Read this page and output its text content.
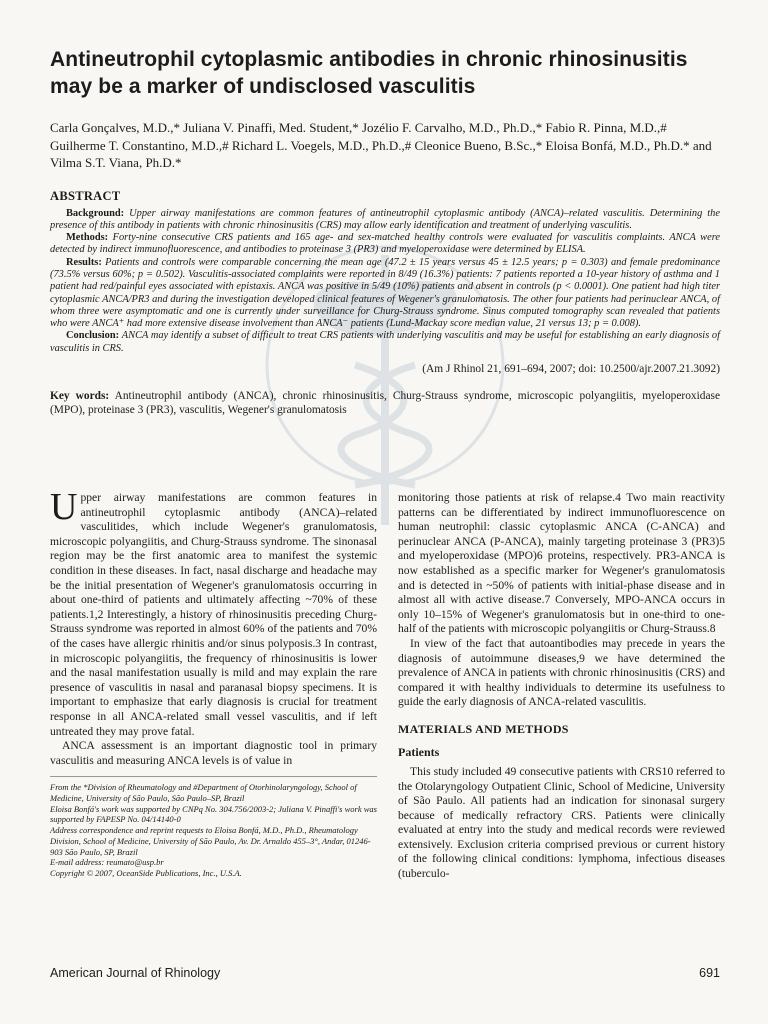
Antineutrophil cytoplasmic antibodies in chronic rhinosinusitis may be a marker of undisclosed vasculitis
Carla Gonçalves, M.D.,* Juliana V. Pinaffi, Med. Student,* Jozélio F. Carvalho, M.D., Ph.D.,* Fabio R. Pinna, M.D.,# Guilherme T. Constantino, M.D.,# Richard L. Voegels, M.D., Ph.D.,# Cleonice Bueno, B.Sc.,* Eloisa Bonfá, M.D., Ph.D.* and Vilma S.T. Viana, Ph.D.*
ABSTRACT

Background: Upper airway manifestations are common features of antineutrophil cytoplasmic antibody (ANCA)–related vasculitis. Determining the presence of this antibody in patients with chronic rhinosinusitis (CRS) may allow early identification and treatment of underlying vasculitis.

Methods: Forty-nine consecutive CRS patients and 165 age- and sex-matched healthy controls were evaluated for vasculitis complaints. ANCA were detected by indirect immunofluorescence, and antibodies to proteinase 3 (PR3) and myeloperoxidase were determined by ELISA.

Results: Patients and controls were comparable concerning the mean age (47.2 ± 15 years versus 45 ± 12.5 years; p = 0.303) and female predominance (73.5% versus 60%; p = 0.502). Vasculitis-associated complaints were reported in 8/49 (16.3%) patients: 7 patients reported a 10-year history of asthma and 1 patient had red/painful eyes associated with epistaxis. ANCA was positive in 5/49 (10%) patients and absent in controls (p < 0.0001). One patient had high titer cytoplasmic ANCA/PR3 and during the investigation developed clinical features of Wegener's granulomatosis. The other four patients had perinuclear ANCA, of whom three were asymptomatic and one is currently under surveillance for Churg-Strauss syndrome. Sinus computed tomography scan revealed that patients who were ANCA⁺ had more extensive disease involvement than ANCA⁻ patients (Lund-Mackay score median value, 21 versus 13; p = 0.008).

Conclusion: ANCA may identify a subset of difficult to treat CRS patients with underlying vasculitis and may be useful for establishing an early diagnosis of vasculitis in CRS.

(Am J Rhinol 21, 691–694, 2007; doi: 10.2500/ajr.2007.21.3092)
Key words: Antineutrophil antibody (ANCA), chronic rhinosinusitis, Churg-Strauss syndrome, microscopic polyangiitis, myeloperoxidase (MPO), proteinase 3 (PR3), vasculitis, Wegener's granulomatosis

Upper airway manifestations are common features in antineutrophil cytoplasmic antibody (ANCA)–related vasculitides, which include Wegener's granulomatosis, microscopic polyangiitis, and Churg-Strauss syndrome. The sinonasal region may be the first anatomic area to manifest the systemic condition in these diseases. In fact, nasal discharge and headache may be the initial presentation of Wegener's granulomatosis occurring in about one-third of patients and ultimately affecting ~70% of these patients.1,2 Interestingly, a history of rhinosinusitis preceding Churg-Strauss syndrome was reported in almost 60% of the patients and 70% of the cases have allergic rhinitis and/or sinus polyposis.3 In contrast, in microscopic polyangiitis, the frequency of rhinosinusitis is lower and the nasal manifestation usually is mild and may explain the rare presence of vasculitis in nasal and paranasal biopsy specimens. It is important to emphasize that early diagnosis is crucial for treatment response in all ANCA-related small vessel vasculitis, and if left untreated they may prove fatal.

ANCA assessment is an important diagnostic tool in primary vasculitis and measuring ANCA levels is of value in

From the *Division of Rheumatology and #Department of Otorhinolaryngology, School of Medicine, University of São Paulo, São Paulo–SP, Brazil
Eloisa Bonfá's work was supported by CNPq No. 304.756/2003-2; Juliana V. Pinaffi's work was supported by FAPESP No. 04/14140-0
Address correspondence and reprint requests to Eloisa Bonfá, M.D., Ph.D., Rheumatology Division, School of Medicine, University of São Paulo, Av. Dr. Arnaldo 455–3°, Andar, 01246-903 São Paulo, SP, Brazil
E-mail address: reumato@usp.br
Copyright © 2007, OceanSide Publications, Inc., U.S.A.

monitoring those patients at risk of relapse.4 Two main reactivity patterns can be differentiated by indirect immunofluorescence on human neutrophil: classic cytoplasmic ANCA (C-ANCA) and perinuclear ANCA (P-ANCA), mainly targeting proteinase 3 (PR3)5 and myeloperoxidase (MPO)6 proteins, respectively. PR3-ANCA is now established as a specific marker for Wegener's granulomatosis and is detected in ~50% of patients with initial-phase disease and in almost all with active disease.7 Conversely, MPO-ANCA occurs in only 10–15% of Wegener's granulomatosis but in one-third to one-half of the patients with microscopic polyangiitis or Churg-Strauss.8

In view of the fact that autoantibodies may precede in years the diagnosis of autoimmune diseases,9 we have determined the prevalence of ANCA in patients with chronic rhinosinusitis (CRS) and compared it with healthy individuals to determine its usefulness to guide the early diagnosis of ANCA-related vasculitis.

MATERIALS AND METHODS
Patients

This study included 49 consecutive patients with CRS10 referred to the Otolaryngology Outpatient Clinic, School of Medicine, University of São Paulo. All patients had an indication for sinonasal surgery because of medically refractory CRS. Patients were clinically evaluated at entry into the study and medical records were reviewed extensively. Exclusion criteria comprised previous or current history of the following clinical conditions: lymphoma, infectious diseases (tuberculo-

American Journal of Rhinology	691
